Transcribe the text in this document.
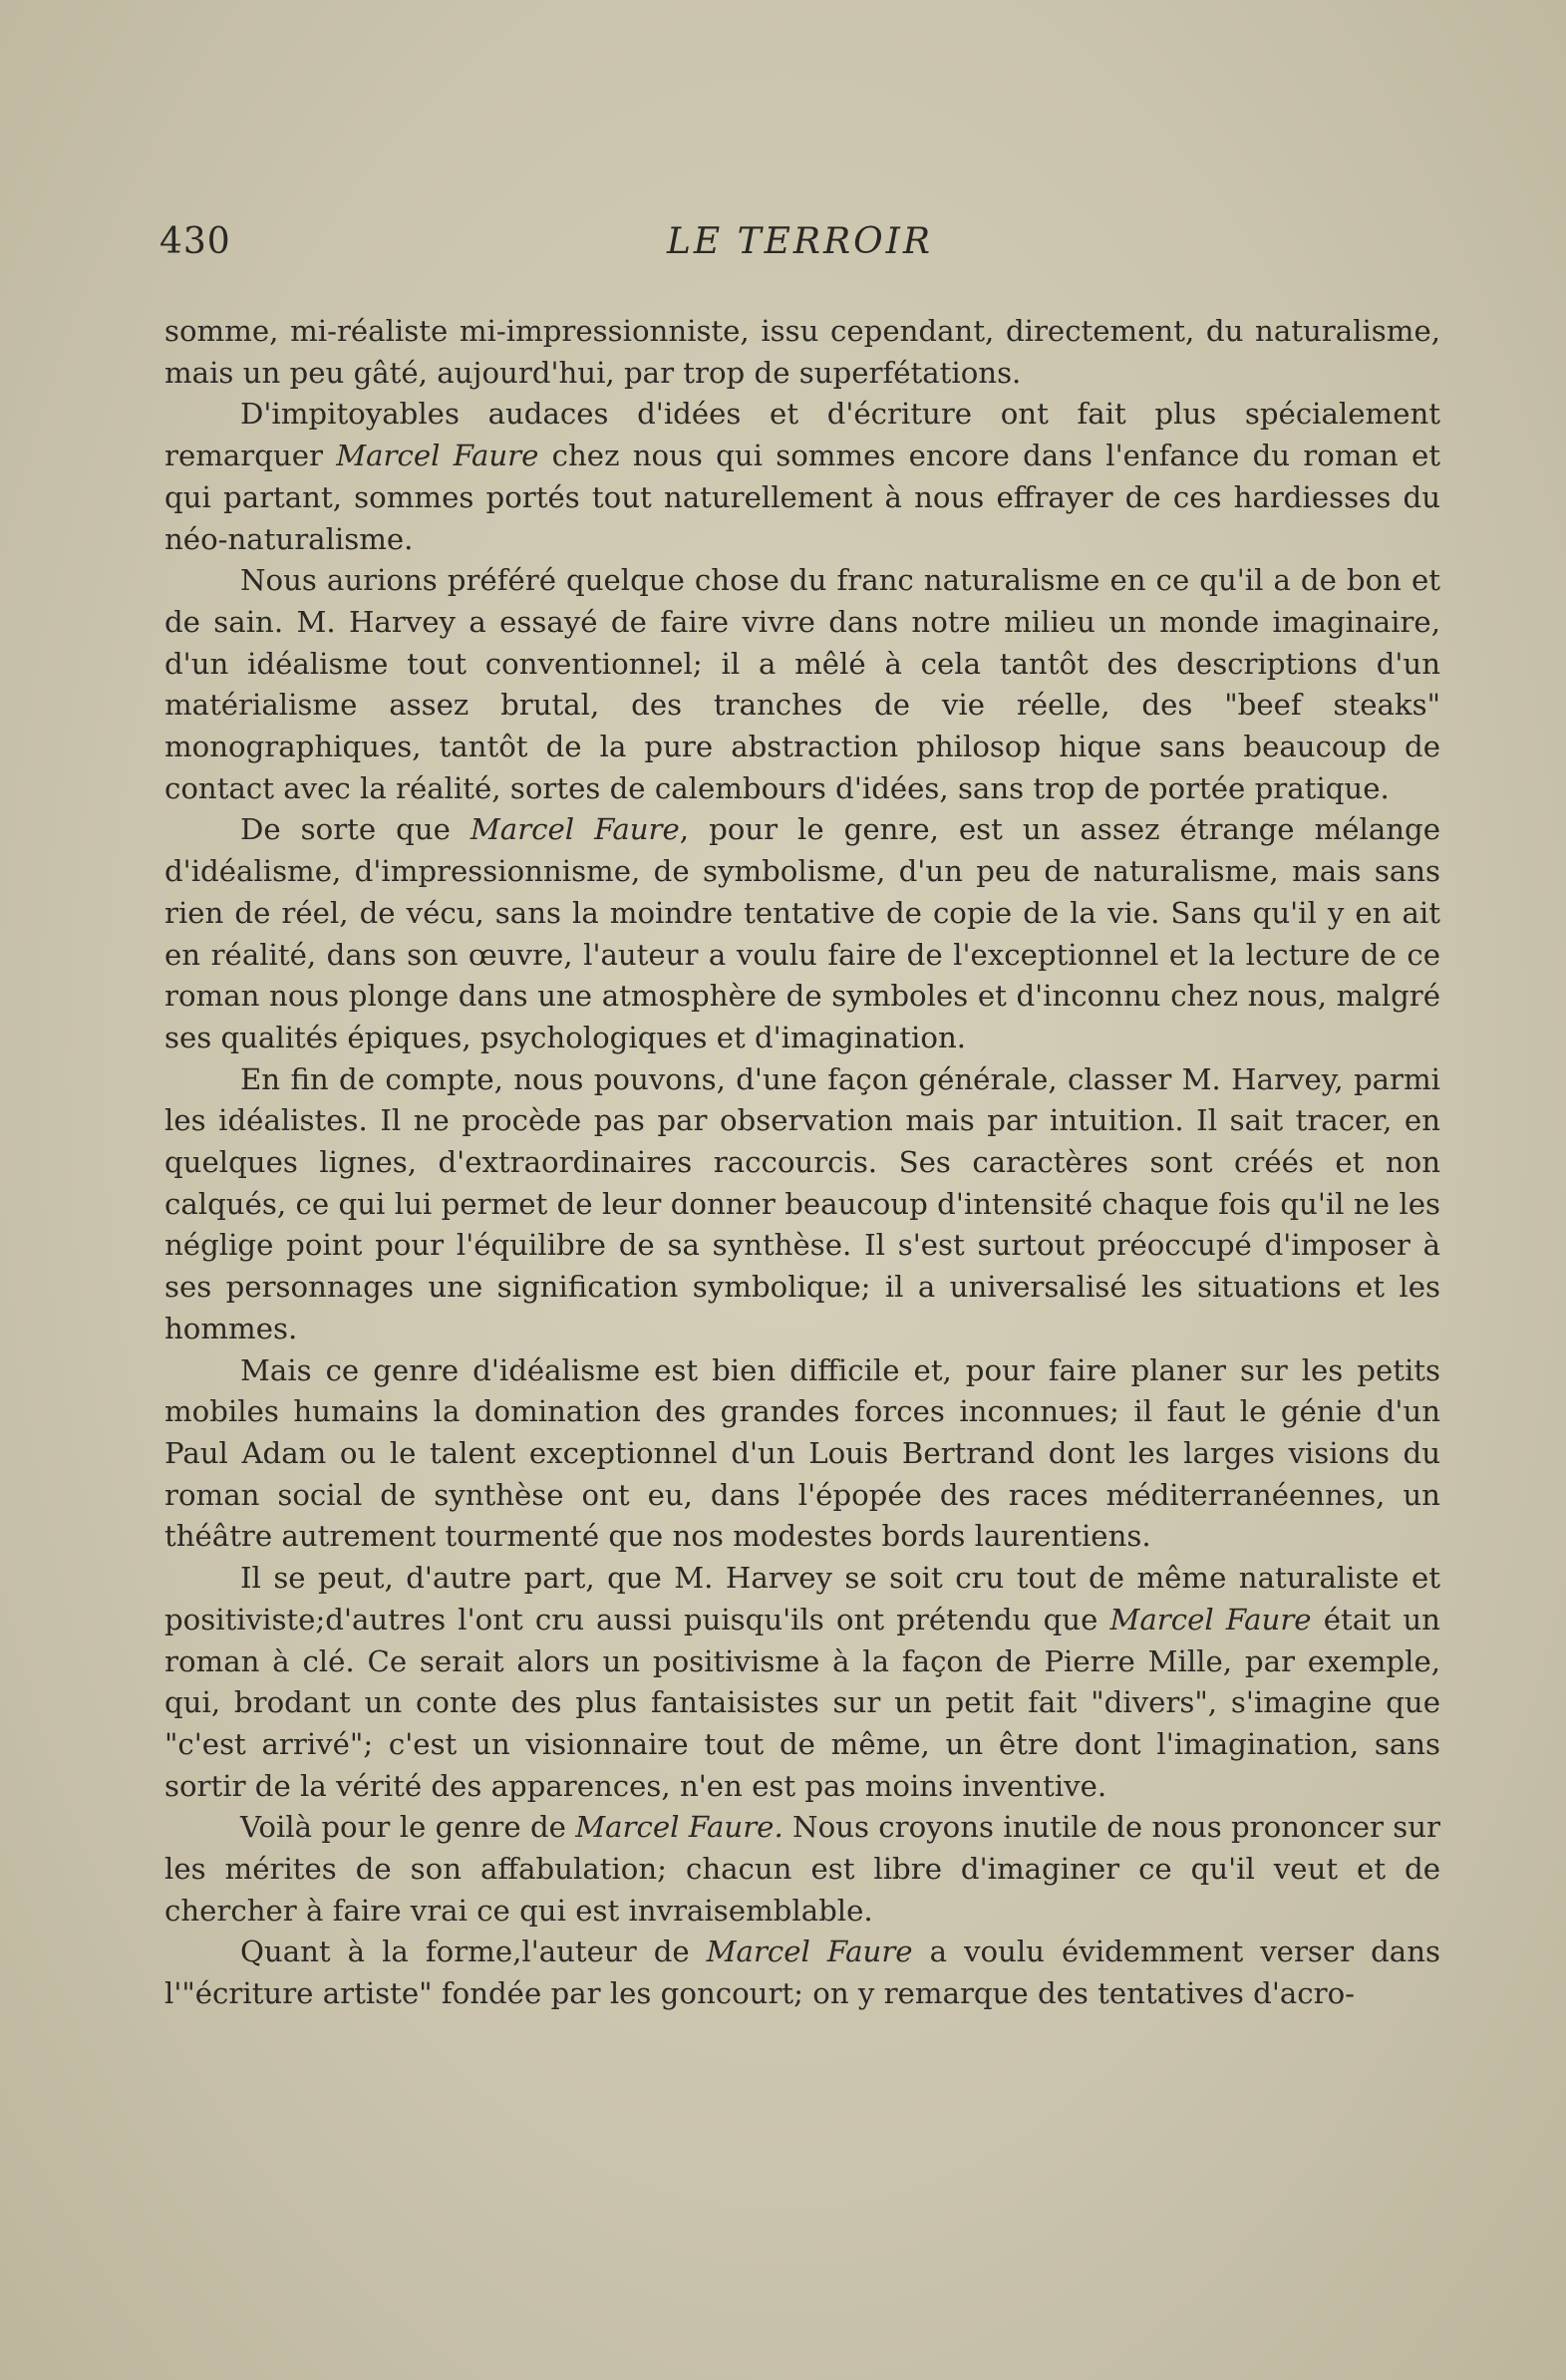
430	LE TERROIR

somme, mi-réaliste mi-impressionniste, issu cependant, directement, du naturalisme, mais un peu gâté, aujourd'hui, par trop de superfétations.

D'impitoyables audaces d'idées et d'écriture ont fait plus spécialement remarquer Marcel Faure chez nous qui sommes encore dans l'enfance du roman et qui partant, sommes portés tout naturellement à nous effrayer de ces hardiesses du néo-naturalisme.

Nous aurions préféré quelque chose du franc naturalisme en ce qu'il a de bon et de sain. M. Harvey a essayé de faire vivre dans notre milieu un monde imaginaire, d'un idéalisme tout conventionnel; il a mêlé à cela tantôt des descriptions d'un matérialisme assez brutal, des tranches de vie réelle, des "beef steaks" monographiques, tantôt de la pure abstraction philosop hique sans beaucoup de contact avec la réalité, sortes de calembours d'idées, sans trop de portée pratique.

De sorte que Marcel Faure, pour le genre, est un assez étrange mélange d'idéalisme, d'impressionnisme, de symbolisme, d'un peu de naturalisme, mais sans rien de réel, de vécu, sans la moindre tentative de copie de la vie. Sans qu'il y en ait en réalité, dans son œuvre, l'auteur a voulu faire de l'exceptionnel et la lecture de ce roman nous plonge dans une atmosphère de symboles et d'inconnu chez nous, malgré ses qualités épiques, psychologiques et d'imagination.

En fin de compte, nous pouvons, d'une façon générale, classer M. Harvey, parmi les idéalistes. Il ne procède pas par observation mais par intuition. Il sait tracer, en quelques lignes, d'extraordinaires raccourcis. Ses caractères sont créés et non calqués, ce qui lui permet de leur donner beaucoup d'intensité chaque fois qu'il ne les néglige point pour l'équilibre de sa synthèse. Il s'est surtout préoccupé d'imposer à ses personnages une signification symbolique; il a universalisé les situations et les hommes.

Mais ce genre d'idéalisme est bien difficile et, pour faire planer sur les petits mobiles humains la domination des grandes forces inconnues; il faut le génie d'un Paul Adam ou le talent exceptionnel d'un Louis Bertrand dont les larges visions du roman social de synthèse ont eu, dans l'épopée des races méditerranéennes, un théâtre autrement tourmenté que nos modestes bords laurentiens.

Il se peut, d'autre part, que M. Harvey se soit cru tout de même naturaliste et positiviste;d'autres l'ont cru aussi puisqu'ils ont prétendu que Marcel Faure était un roman à clé. Ce serait alors un positivisme à la façon de Pierre Mille, par exemple, qui, brodant un conte des plus fantaisistes sur un petit fait "divers", s'imagine que "c'est arrivé"; c'est un visionnaire tout de même, un être dont l'imagination, sans sortir de la vérité des apparences, n'en est pas moins inventive.

Voilà pour le genre de Marcel Faure. Nous croyons inutile de nous prononcer sur les mérites de son affabulation; chacun est libre d'imaginer ce qu'il veut et de chercher à faire vrai ce qui est invraisemblable.

Quant à la forme,l'auteur de Marcel Faure a voulu évidemment verser dans l'"écriture artiste" fondée par les goncourt; on y remarque des tentatives d'acro-
